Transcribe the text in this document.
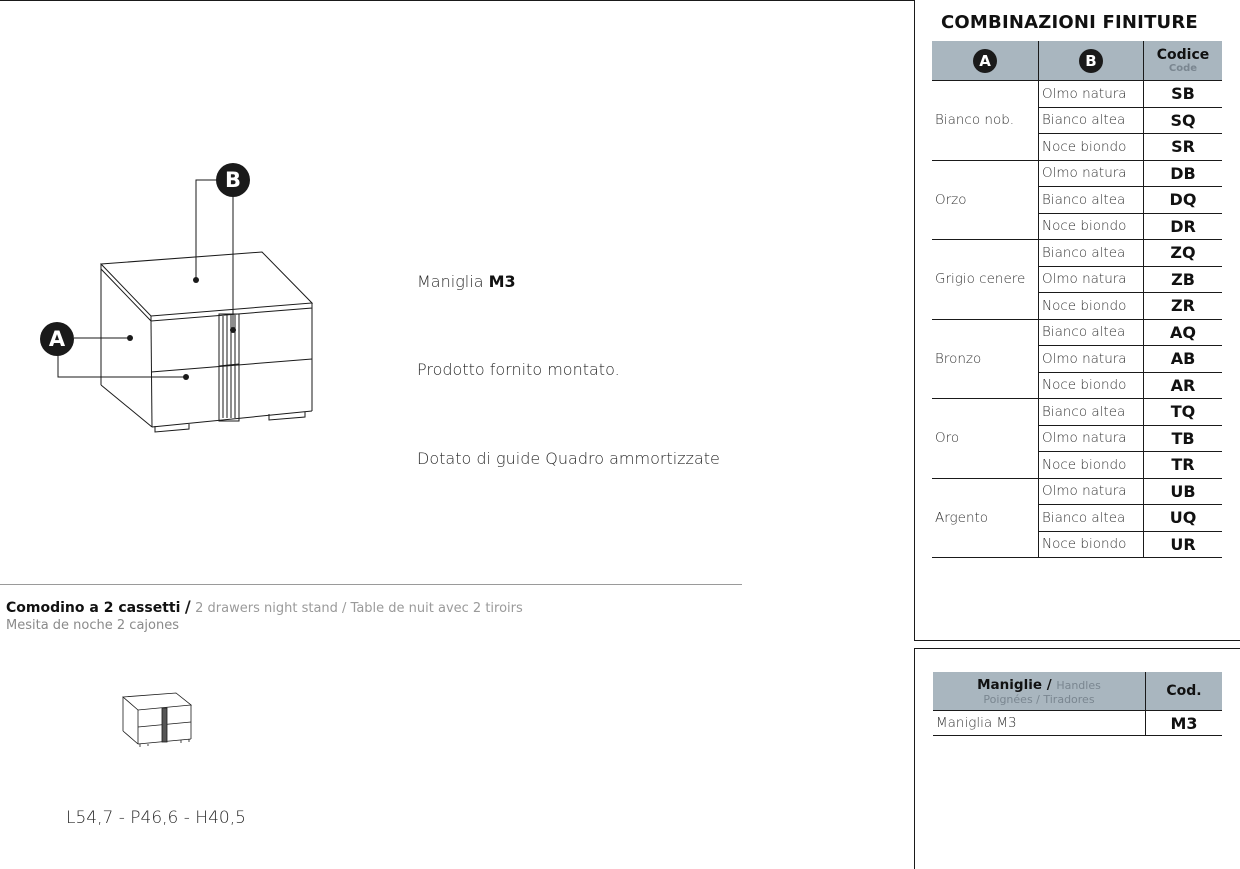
B
A
Maniglia M3
Prodotto fornito montato.
Dotato di guide Quadro ammortizzate
Comodino a 2 cassetti / 2 drawers night stand / Table de nuit avec 2 tiroirs
Mesita de noche 2 cajones
L54,7 - P46,6 - H40,5
COMBINAZIONI FINITURE
A	B	Codice
Code

Bianco nob.	Olmo natura	SB
	Bianco altea	SQ
	Noce biondo	SR
Orzo	Olmo natura	DB
	Bianco altea	DQ
	Noce biondo	DR
Grigio cenere	Bianco altea	ZQ
	Olmo natura	ZB
	Noce biondo	ZR
Bronzo	Bianco altea	AQ
	Olmo natura	AB
	Noce biondo	AR
Oro	Bianco altea	TQ
	Olmo natura	TB
	Noce biondo	TR
Argento	Olmo natura	UB
	Bianco altea	UQ
	Noce biondo	UR
Maniglie / Handles
Poignées / Tiradores	Cod.
Maniglia M3	M3
